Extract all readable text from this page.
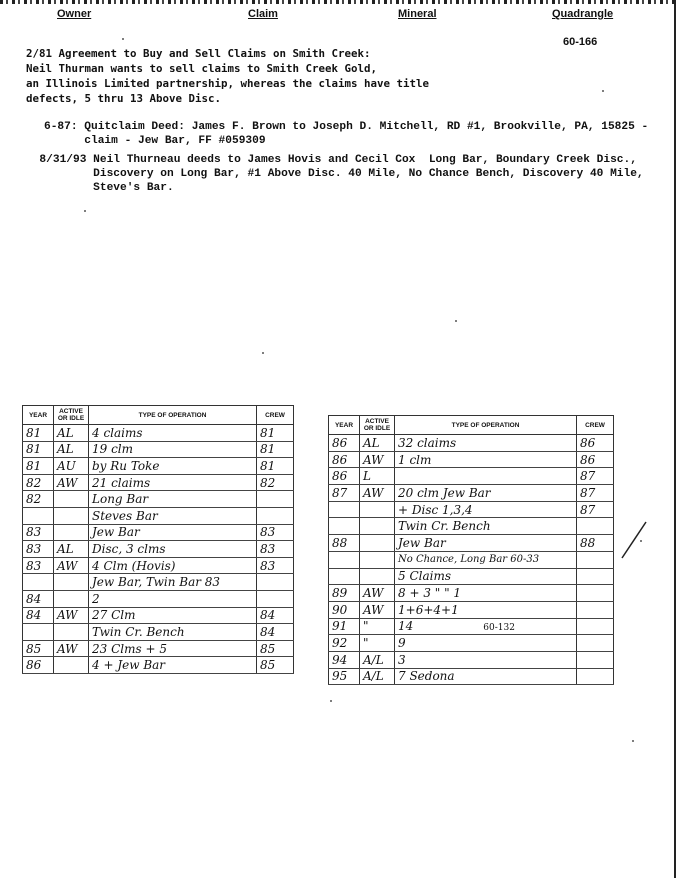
Owner	Claim	Mineral	Quadrangle
60-166
2/81 Agreement to Buy and Sell Claims on Smith Creek:
Neil Thurman wants to sell claims to Smith Creek Gold,
an Illinois Limited partnership, whereas the claims have title
defects, 5 thru 13 Above Disc.
6-87: Quitclaim Deed: James F. Brown to Joseph D. Mitchell, RD #1, Brookville, PA, 15825 -
claim - Jew Bar, FF #059309
8/31/93 Neil Thurneau deeds to James Hovis and Cecil Cox  Long Bar, Boundary Creek Disc.,
Discovery on Long Bar, #1 Above Disc. 40 Mile, No Chance Bench, Discovery 40 Mile,
Steve's Bar.
YEAR	ACTIVE OR IDLE	TYPE OF OPERATION	CREW
81	AL	4 claims	81
81	AL	19 clm	81
81	AU	by Ru Toke	81
82	AW	21 claims	82
82		Long Bar	
		Steves Bar	
83		Jew Bar	83
83	AL	Disc, 3 clms	83
83	AW	4 Clm (Hovis)	83
		Jew Bar, Twin Bar 83	
84		2	
84	AW	27 Clm	84
		Twin Cr. Bench	84
85	AW	23 Clms + 5	85
86		4 + Jew Bar	85
YEAR	ACTIVE OR IDLE	TYPE OF OPERATION	CREW
86	AL	32 claims	86
86	AW	1 clm	86
86	L		87
87	AW	20 clm Jew Bar	87
		+ Disc 1,3,4	87
		Twin Cr. Bench	
88		Jew Bar	88
		No Chance, Long Bar 60-33	
		5 Claims	
89	AW	8 + 3 " " 1	
90	AW	1+6+4+1	
91	"	14 60-132	
92	"	9	
94	A/L	3	
95	A/L	7 Sedona	
